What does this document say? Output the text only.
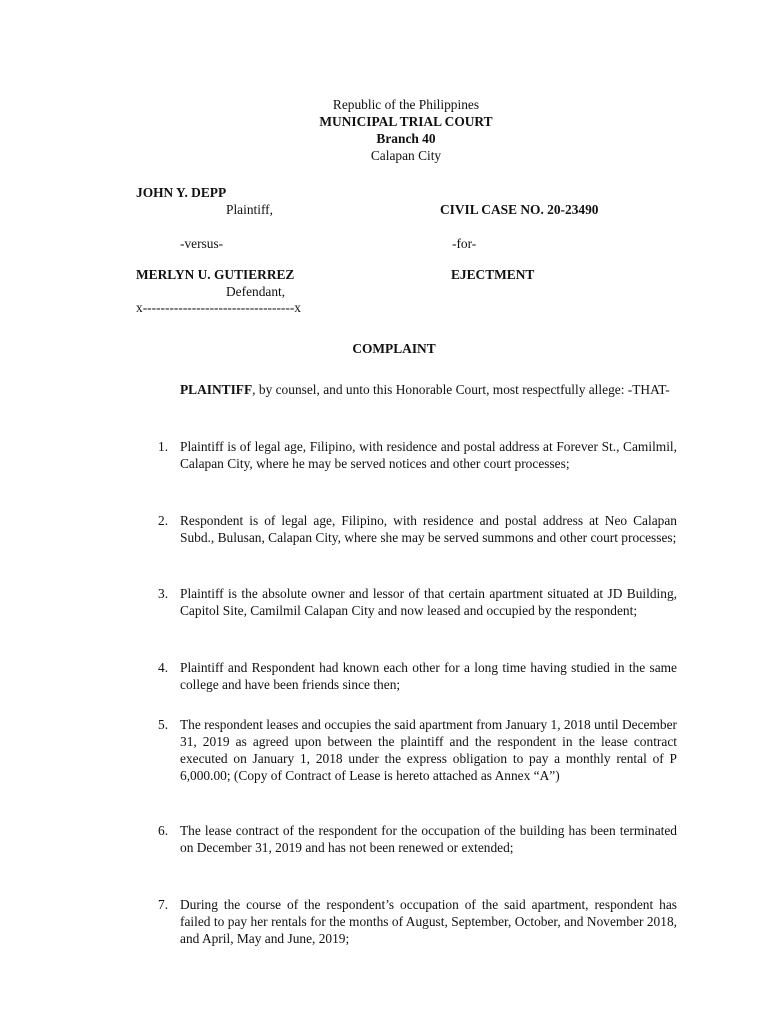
Republic of the Philippines
MUNICIPAL TRIAL COURT
Branch 40
Calapan City
JOHN Y. DEPP
Plaintiff,	CIVIL CASE NO. 20-23490
-versus-	-for-
MERLYN U. GUTIERREZ	EJECTMENT
Defendant,
x----------------------------------x
COMPLAINT
PLAINTIFF, by counsel, and unto this Honorable Court, most respectfully allege: -THAT-
1. Plaintiff is of legal age, Filipino, with residence and postal address at Forever St., Camilmil, Calapan City, where he may be served notices and other court processes;
2. Respondent is of legal age, Filipino, with residence and postal address at Neo Calapan Subd., Bulusan, Calapan City, where she may be served summons and other court processes;
3. Plaintiff is the absolute owner and lessor of that certain apartment situated at JD Building, Capitol Site, Camilmil Calapan City and now leased and occupied by the respondent;
4. Plaintiff and Respondent had known each other for a long time having studied in the same college and have been friends since then;
5. The respondent leases and occupies the said apartment from January 1, 2018 until December 31, 2019 as agreed upon between the plaintiff and the respondent in the lease contract executed on January 1, 2018 under the express obligation to pay a monthly rental of P 6,000.00; (Copy of Contract of Lease is hereto attached as Annex “A”)
6. The lease contract of the respondent for the occupation of the building has been terminated on December 31, 2019 and has not been renewed or extended;
7. During the course of the respondent’s occupation of the said apartment, respondent has failed to pay her rentals for the months of August, September, October, and November 2018, and April, May and June, 2019;
